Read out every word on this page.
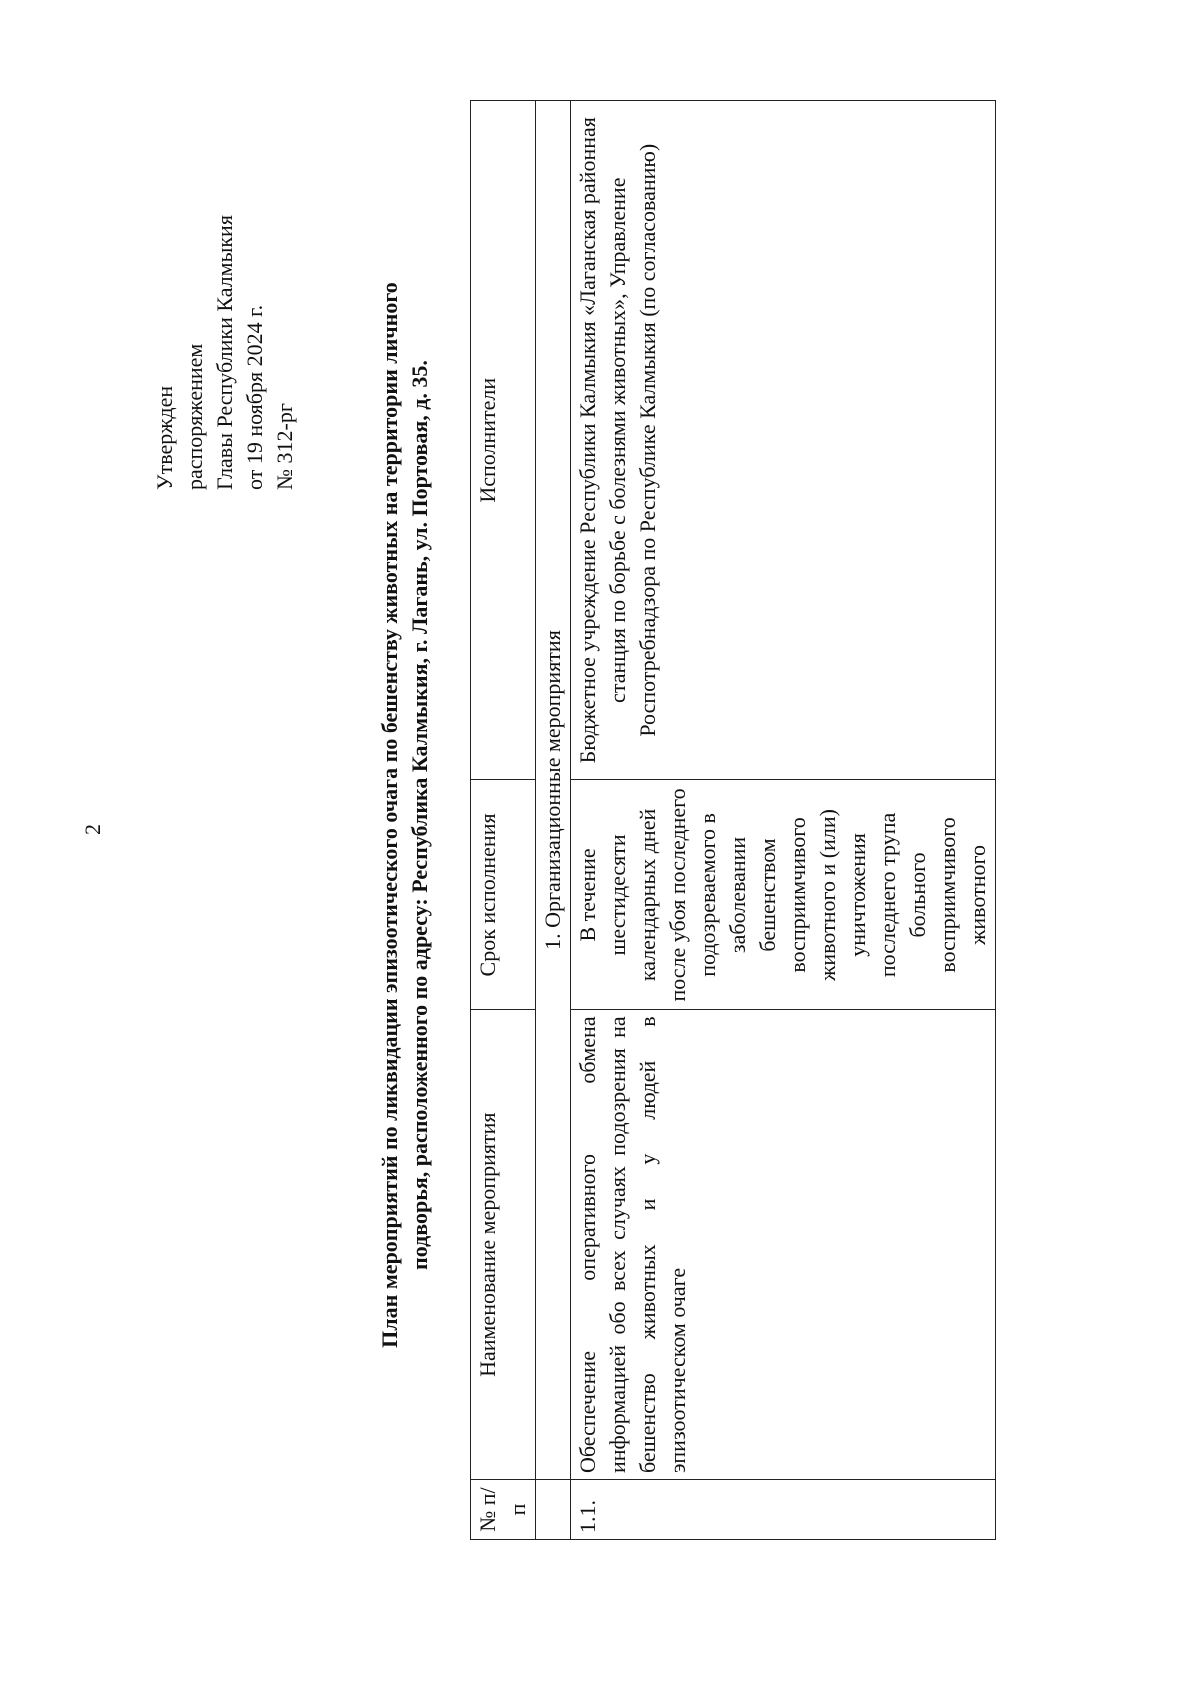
2
Утвержден распоряжением Главы Республики Калмыкия от 19 ноября 2024 г. № 312-рг	План мероприятий по ликвидации эпизоотического очага по бешенству животных на территории личного подворья, расположенного по адресу: Республика Калмыкия, г. Лагань, ул. Портовая, д. 35.
№ п/п	Наименование мероприятия	Срок исполнения	Исполнители
	1. Организационные мероприятия		
1.1.	Обеспечение оперативного обмена информацией обо всех случаях подозрения на бешенство животных и у людей в эпизоотическом очаге	В течение шестидесяти календарных дней после убоя последнего подозреваемого в заболевании бешенством восприимчивого животного и (или) уничтожения последнего трупа больного восприимчивого животного	Бюджетное учреждение Республики Калмыкия «Лаганская районная станция по борьбе с болезнями животных», Управление Роспотребнадзора по Республике Калмыкия (по согласованию)
